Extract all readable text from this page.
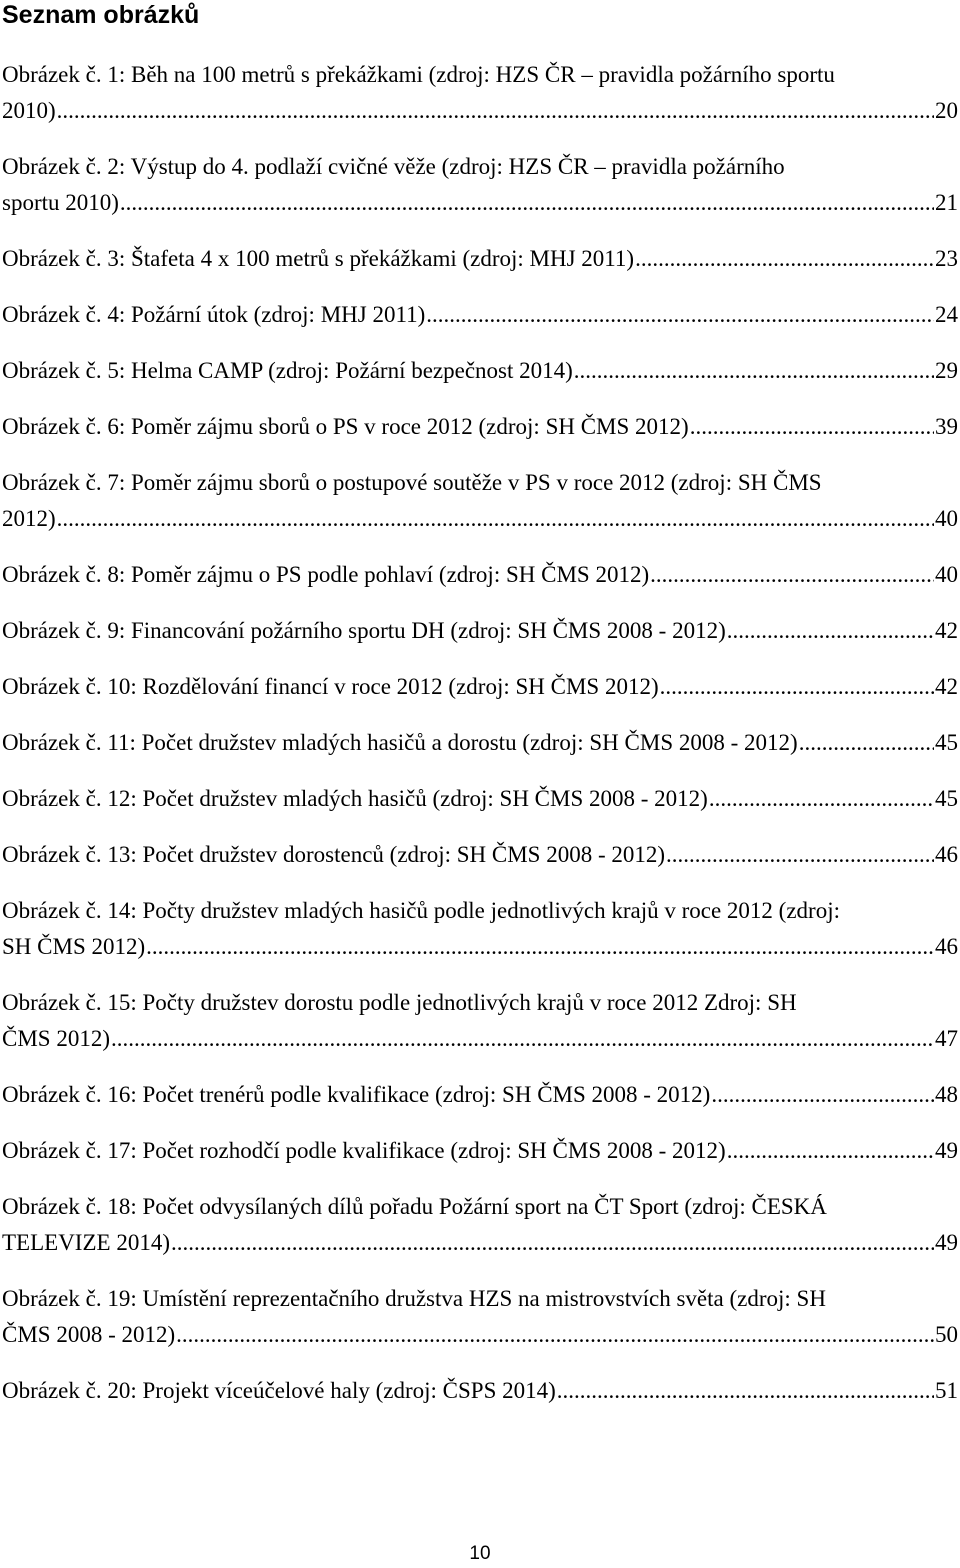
Seznam obrázků
Obrázek č. 1: Běh na 100 metrů s překážkami (zdroj: HZS ČR – pravidla požárního sportu
2010) .....	20
Obrázek č. 2: Výstup do 4. podlaží cvičné věže (zdroj: HZS ČR – pravidla požárního
sportu 2010) .....	21
Obrázek č. 3: Štafeta 4 x 100 metrů s překážkami (zdroj: MHJ 2011) .....	23
Obrázek č. 4: Požární útok (zdroj: MHJ 2011) .....	24
Obrázek č. 5: Helma CAMP (zdroj: Požární bezpečnost 2014) .....	29
Obrázek č. 6: Poměr zájmu sborů o PS v roce 2012 (zdroj: SH ČMS 2012) .....	39
Obrázek č. 7: Poměr zájmu sborů o postupové soutěže v PS v roce 2012 (zdroj: SH ČMS
2012) .....	40
Obrázek č. 8: Poměr zájmu o PS podle pohlaví (zdroj: SH ČMS 2012) .....	40
Obrázek č. 9: Financování požárního sportu DH (zdroj: SH ČMS 2008 - 2012) .....	42
Obrázek č. 10: Rozdělování financí v roce 2012 (zdroj: SH ČMS 2012) .....	42
Obrázek č. 11: Počet družstev mladých hasičů a dorostu (zdroj: SH ČMS 2008 - 2012) .....	45
Obrázek č. 12: Počet družstev mladých hasičů (zdroj: SH ČMS 2008 - 2012) .....	45
Obrázek č. 13: Počet družstev dorostenců (zdroj: SH ČMS 2008 - 2012) .....	46
Obrázek č. 14: Počty družstev mladých hasičů podle jednotlivých krajů v roce 2012 (zdroj:
SH ČMS 2012) .....	46
Obrázek č. 15: Počty družstev dorostu podle jednotlivých krajů v roce 2012 Zdroj: SH
ČMS 2012) .....	47
Obrázek č. 16: Počet trenérů podle kvalifikace (zdroj: SH ČMS 2008 - 2012) .....	48
Obrázek č. 17: Počet rozhodčí podle kvalifikace (zdroj: SH ČMS 2008 - 2012) .....	49
Obrázek č. 18: Počet odvysílaných dílů pořadu Požární sport na ČT Sport (zdroj: ČESKÁ
TELEVIZE 2014) .....	49
Obrázek č. 19: Umístění reprezentačního družstva HZS na mistrovstvích světa (zdroj: SH
ČMS 2008 - 2012) .....	50
Obrázek č. 20: Projekt víceúčelové haly (zdroj: ČSPS 2014) .....	51
10
